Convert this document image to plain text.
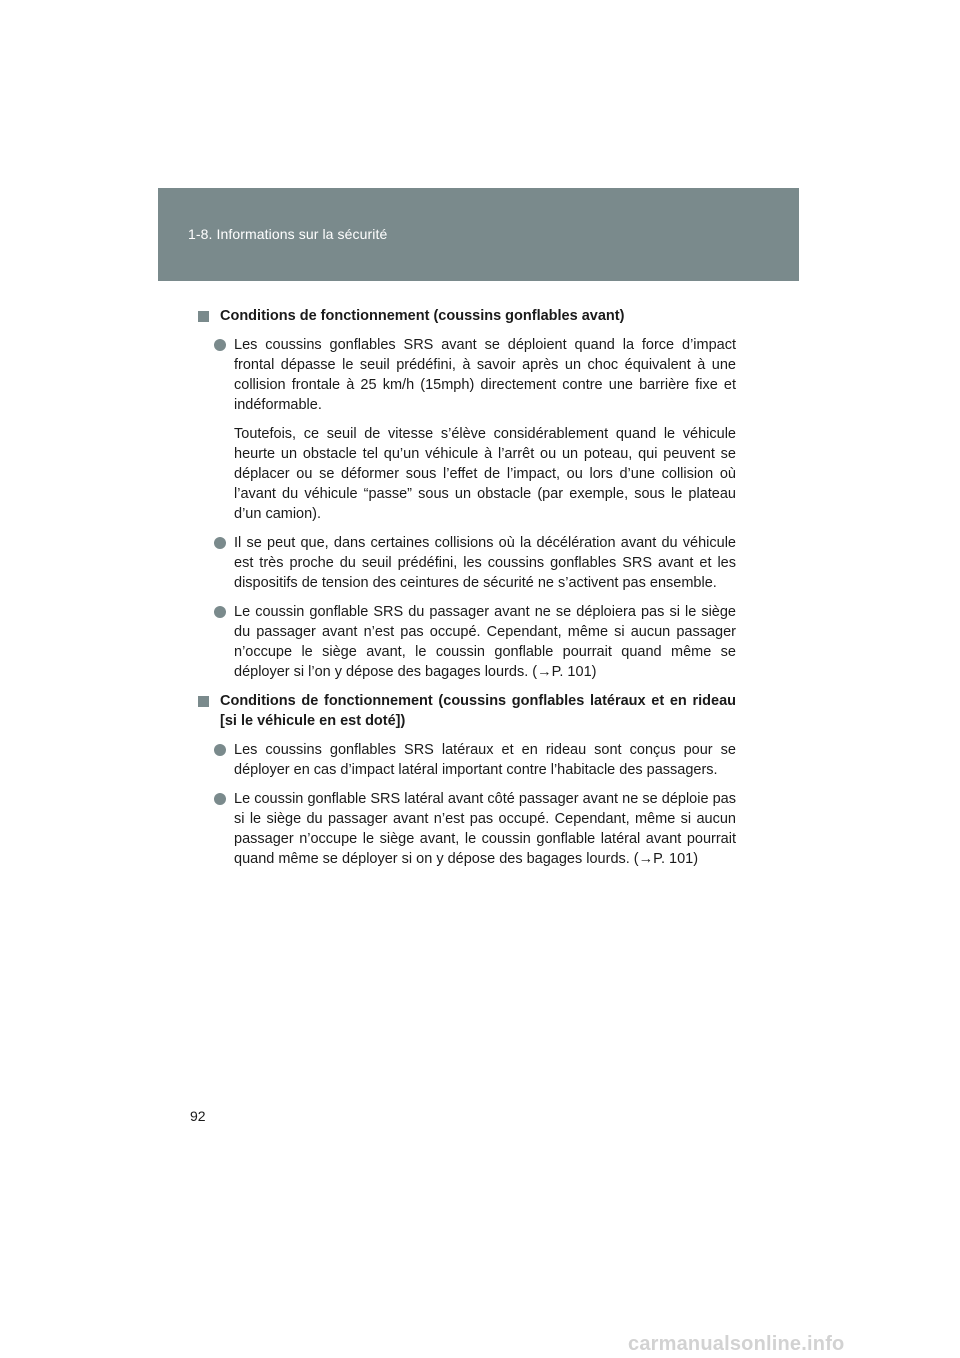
1-8. Informations sur la sécurité
Conditions de fonctionnement (coussins gonflables avant)

Les coussins gonflables SRS avant se déploient quand la force d’impact frontal dépasse le seuil prédéfini, à savoir après un choc équivalent à une collision frontale à 25 km/h (15mph) directement contre une barrière fixe et indéformable.

Toutefois, ce seuil de vitesse s’élève considérablement quand le véhicule heurte un obstacle tel qu’un véhicule à l’arrêt ou un poteau, qui peuvent se déplacer ou se déformer sous l’effet de l’impact, ou lors d’une collision où l’avant du véhicule “passe” sous un obstacle (par exemple, sous le plateau d’un camion).

Il se peut que, dans certaines collisions où la décélération avant du véhicule est très proche du seuil prédéfini, les coussins gonflables SRS avant et les dispositifs de tension des ceintures de sécurité ne s’activent pas ensemble.

Le coussin gonflable SRS du passager avant ne se déploiera pas si le siège du passager avant n’est pas occupé. Cependant, même si aucun passager n’occupe le siège avant, le coussin gonflable pourrait quand même se déployer si l’on y dépose des bagages lourds. (→P. 101)

Conditions de fonctionnement (coussins gonflables latéraux et en rideau [si le véhicule en est doté])

Les coussins gonflables SRS latéraux et en rideau sont conçus pour se déployer en cas d’impact latéral important contre l’habitacle des passagers.

Le coussin gonflable SRS latéral avant côté passager avant ne se déploie pas si le siège du passager avant n’est pas occupé. Cependant, même si aucun passager n’occupe le siège avant, le coussin gonflable latéral avant pourrait quand même se déployer si on y dépose des bagages lourds. (→P. 101)

92
carmanualsonline.info
